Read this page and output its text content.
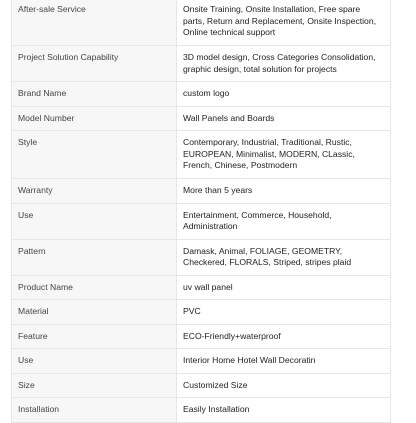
After-sale Service	Onsite Training, Onsite Installation, Free spare parts, Return and Replacement, Onsite Inspection, Online technical support
Project Solution Capability	3D model design, Cross Categories Consolidation, graphic design, total solution for projects
Brand Name	custom logo
Model Number	Wall Panels and Boards
Style	Contemporary, Industrial, Traditional, Rustic, EUROPEAN, Minimalist, MODERN, CLassic, French, Chinese, Postmodern
Warranty	More than 5 years
Use	Entertainment, Commerce, Household, Administration
Pattern	Damask, Animal, FOLIAGE, GEOMETRY, Checkered, FLORALS, Striped, stripes plaid
Product Name	uv wall panel
Material	PVC
Feature	ECO-Friendly+waterproof
Use	Interior Home Hotel Wall Decoratin
Size	Customized Size
Installation	Easily Installation
